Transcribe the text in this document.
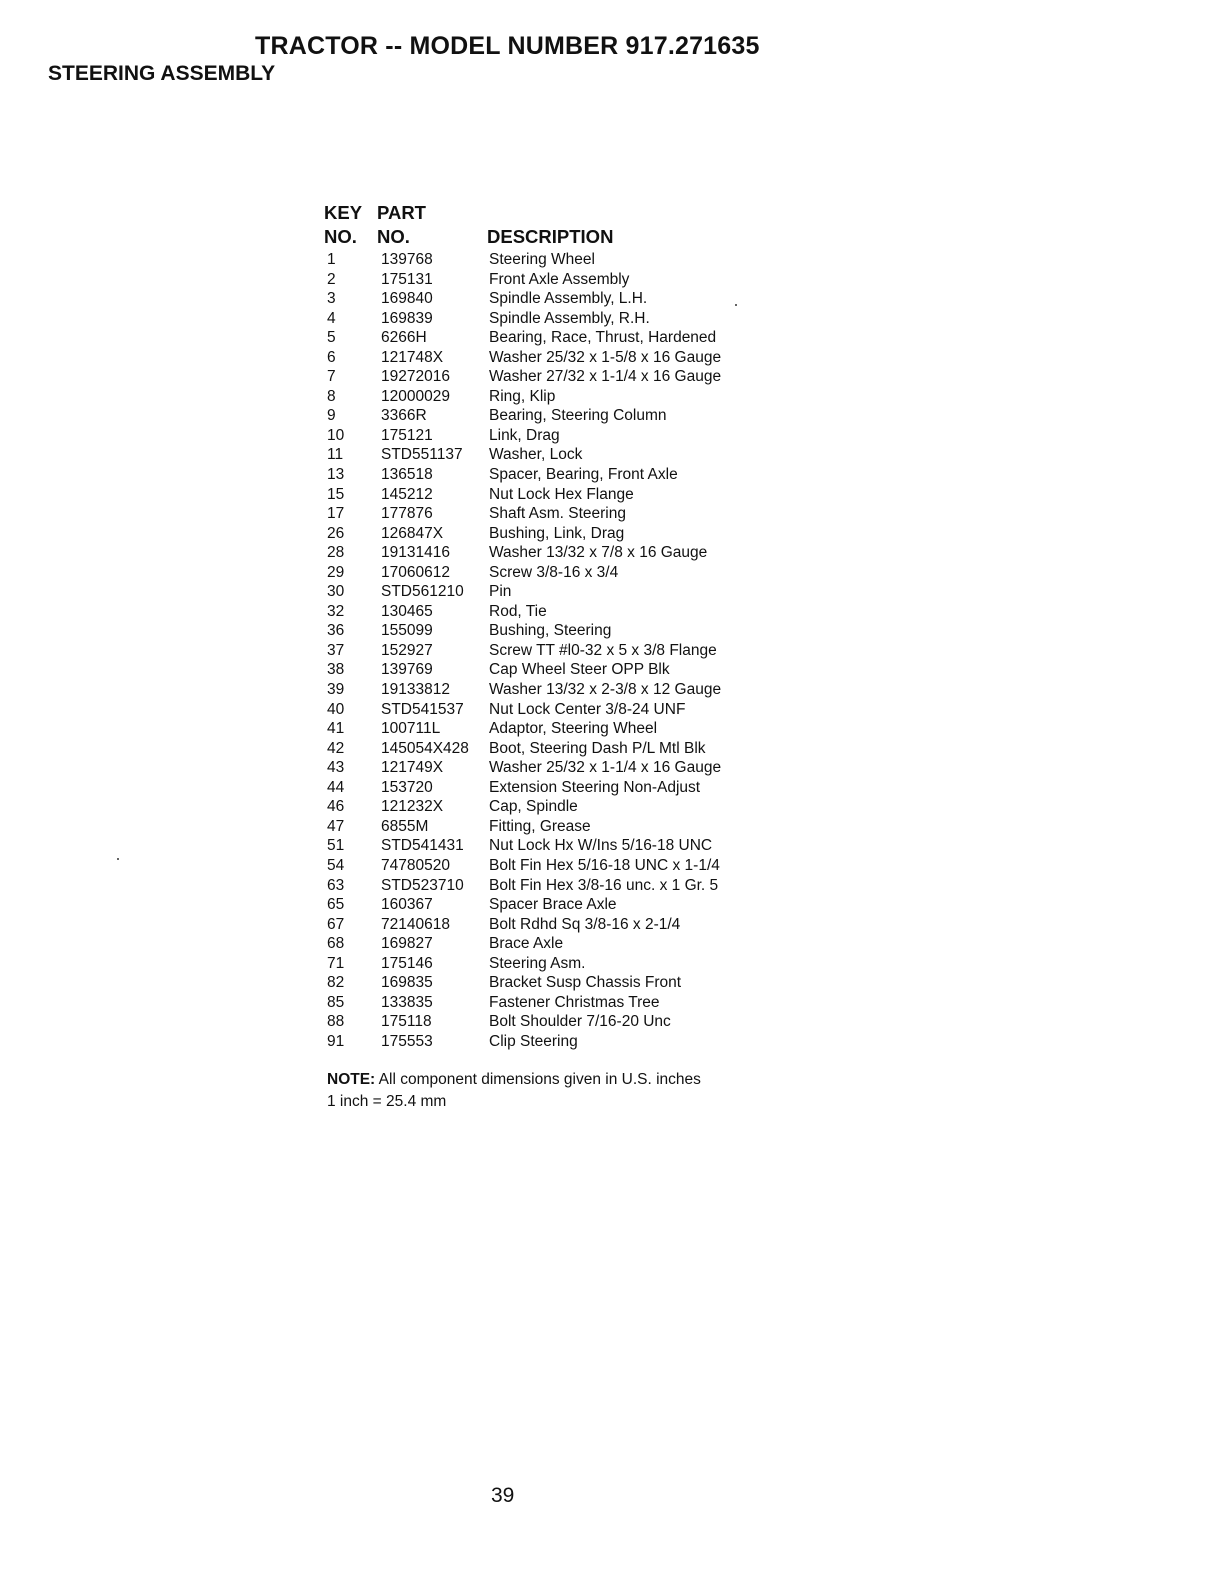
TRACTOR -- MODEL NUMBER 917.271635
STEERING ASSEMBLY
KEY
NO.
PART
NO.	DESCRIPTION
1	139768	Steering Wheel
2	175131	Front Axle Assembly
3	169840	Spindle Assembly, L.H.
4	169839	Spindle Assembly, R.H.
5	6266H	Bearing, Race, Thrust, Hardened
6	121748X	Washer 25/32 x 1-5/8 x 16 Gauge
7	19272016	Washer 27/32 x 1-1/4 x 16 Gauge
8	12000029	Ring, Klip
9	3366R	Bearing, Steering Column
10 175121	Link, Drag
11 STD551137 Washer, Lock
13 136518	Spacer, Bearing, Front Axle
15 145212	Nut Lock Hex Flange
17 177876	Shaft Asm. Steering
26 126847X	Bushing, Link, Drag
28 19131416	Washer 13/32 x 7/8 x 16 Gauge
29 17060612	Screw 3/8-16 x 3/4
30 STD561210 Pin
32 130465	Rod, Tie
36 155099	Bushing, Steering
37 152927	Screw TT #l0-32 x 5 x 3/8 Flange
38 139769	Cap Wheel Steer OPP Blk
39 19133812	Washer 13/32 x 2-3/8 x 12 Gauge
40 STD541537 Nut Lock Center 3/8-24 UNF
41 100711L	Adaptor, Steering Wheel
42 145054X428 Boot, Steering Dash P/L Mtl Blk
43 121749X	Washer 25/32 x 1-1/4 x 16 Gauge
44 153720	Extension Steering Non-Adjust
46 121232X	Cap, Spindle
47 6855M	Fitting, Grease
51 STD541431 Nut Lock Hx W/Ins 5/16-18 UNC
54 74780520	Bolt Fin Hex 5/16-18 UNC x 1-1/4
63 STD523710 Bolt Fin Hex 3/8-16 unc. x 1 Gr. 5
65 160367	Spacer Brace Axle
67 72140618	Bolt Rdhd Sq 3/8-16 x 2-1/4
68 169827	Brace Axle
71 175146	Steering Asm.
82 169835	Bracket Susp Chassis Front
85 133835	Fastener Christmas Tree
88 175118	Bolt Shoulder 7/16-20 Unc
91 175553	Clip Steering
NOTE: All component dimensions given in U.S. inches
1 inch = 25.4 mm
39
